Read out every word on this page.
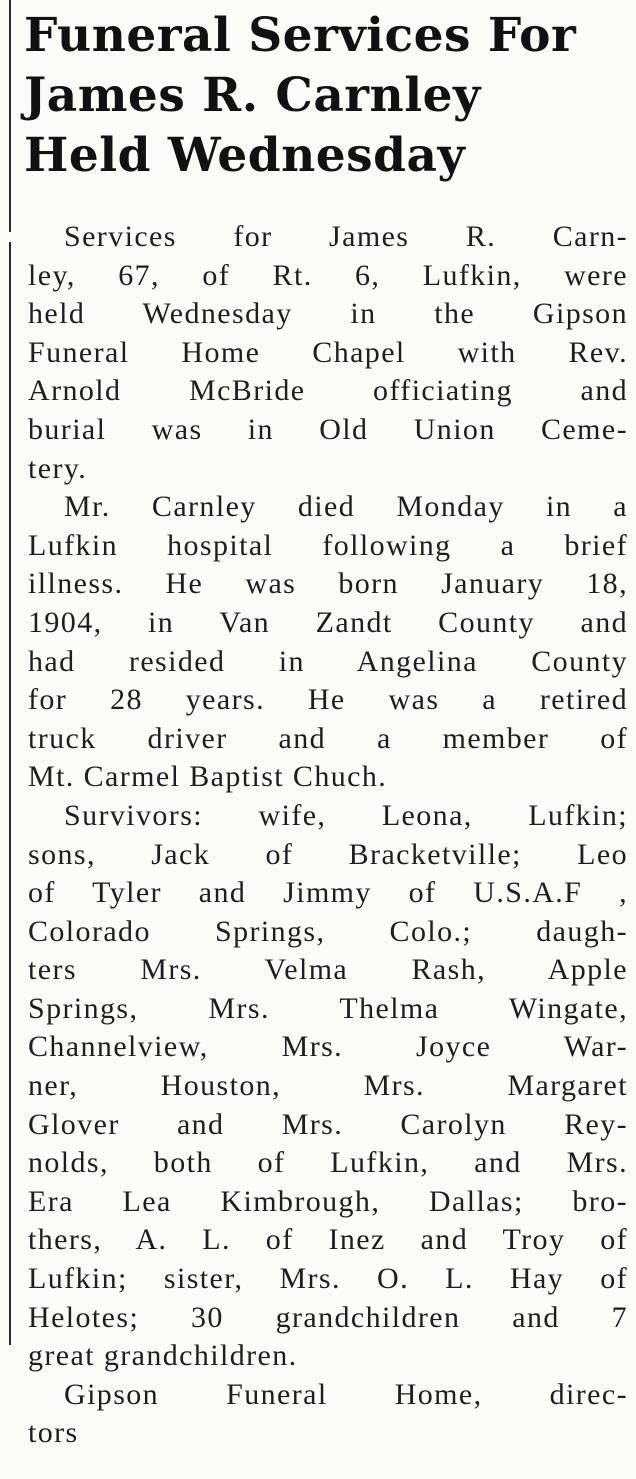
Funeral Services For
James R. Carnley
Held Wednesday

Services for James R. Carn-
ley, 67, of Rt. 6, Lufkin, were
held Wednesday in the Gipson
Funeral Home Chapel with Rev.
Arnold McBride officiating and
burial was in Old Union Ceme-
tery.

Mr. Carnley died Monday in a
Lufkin hospital following a brief
illness. He was born January 18,
1904, in Van Zandt County and
had resided in Angelina County
for 28 years. He was a retired
truck driver and a member of
Mt. Carmel Baptist Chuch.

Survivors: wife, Leona, Lufkin;
sons, Jack of Bracketville; Leo
of Tyler and Jimmy of U.S.A.F ,
Colorado Springs, Colo.; daugh-
ters Mrs. Velma Rash, Apple
Springs, Mrs. Thelma Wingate,
Channelview, Mrs. Joyce War-
ner, Houston, Mrs. Margaret
Glover and Mrs. Carolyn Rey-
nolds, both of Lufkin, and Mrs.
Era Lea Kimbrough, Dallas; bro-
thers, A. L. of Inez and Troy of
Lufkin; sister, Mrs. O. L. Hay of
Helotes; 30 grandchildren and 7
great grandchildren.

Gipson Funeral Home, direc-
tors
